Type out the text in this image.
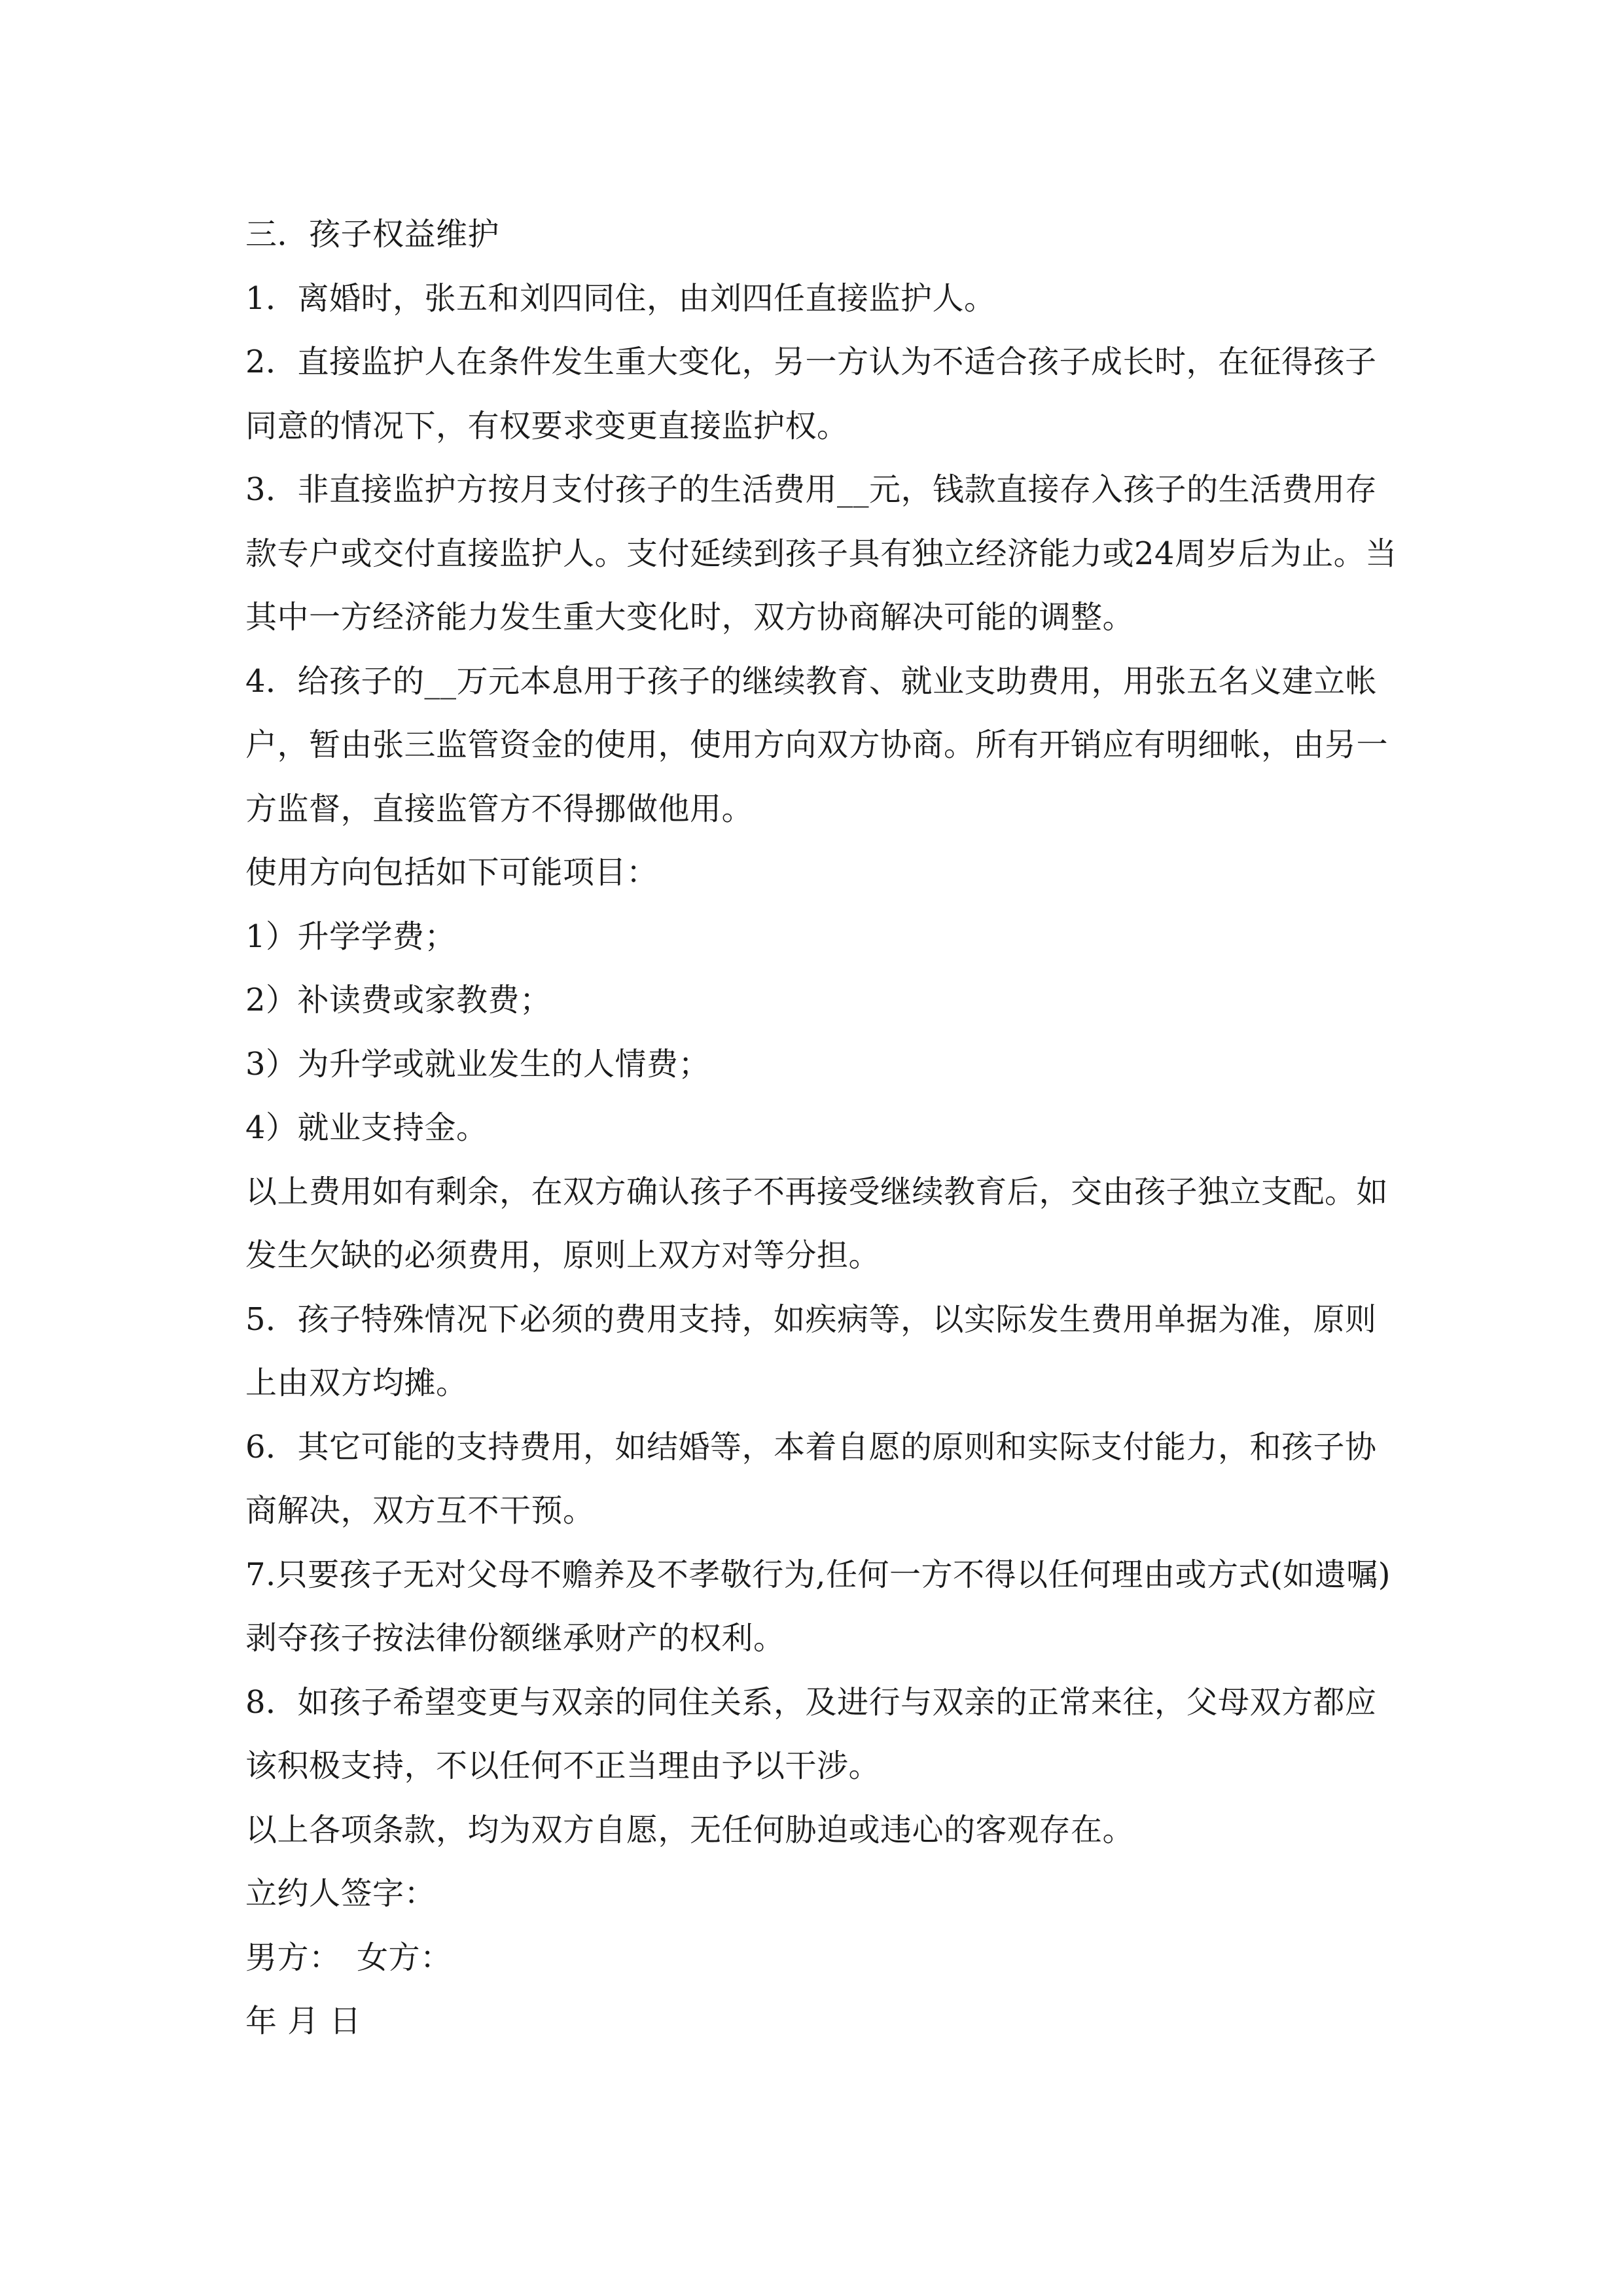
三．孩子权益维护

1．离婚时，张五和刘四同住，由刘四任直接监护人。

2．直接监护人在条件发生重大变化，另一方认为不适合孩子成长时，在征得孩子同意的情况下，有权要求变更直接监护权。

3．非直接监护方按月支付孩子的生活费用__元，钱款直接存入孩子的生活费用存款专户或交付直接监护人。支付延续到孩子具有独立经济能力或24周岁后为止。当其中一方经济能力发生重大变化时，双方协商解决可能的调整。

4．给孩子的__万元本息用于孩子的继续教育、就业支助费用，用张五名义建立帐户，暂由张三监管资金的使用，使用方向双方协商。所有开销应有明细帐，由另一方监督，直接监管方不得挪做他用。

使用方向包括如下可能项目：

1）升学学费；

2）补读费或家教费；

3）为升学或就业发生的人情费；

4）就业支持金。

以上费用如有剩余，在双方确认孩子不再接受继续教育后，交由孩子独立支配。如发生欠缺的必须费用，原则上双方对等分担。

5．孩子特殊情况下必须的费用支持，如疾病等，以实际发生费用单据为准，原则上由双方均摊。

6．其它可能的支持费用，如结婚等，本着自愿的原则和实际支付能力，和孩子协商解决，双方互不干预。

7.只要孩子无对父母不赡养及不孝敬行为,任何一方不得以任何理由或方式(如遗嘱)剥夺孩子按法律份额继承财产的权利。

8．如孩子希望变更与双亲的同住关系，及进行与双亲的正常来往，父母双方都应该积极支持，不以任何不正当理由予以干涉。

以上各项条款，均为双方自愿，无任何胁迫或违心的客观存在。

立约人签字：

男方：　女方：

年 月 日
